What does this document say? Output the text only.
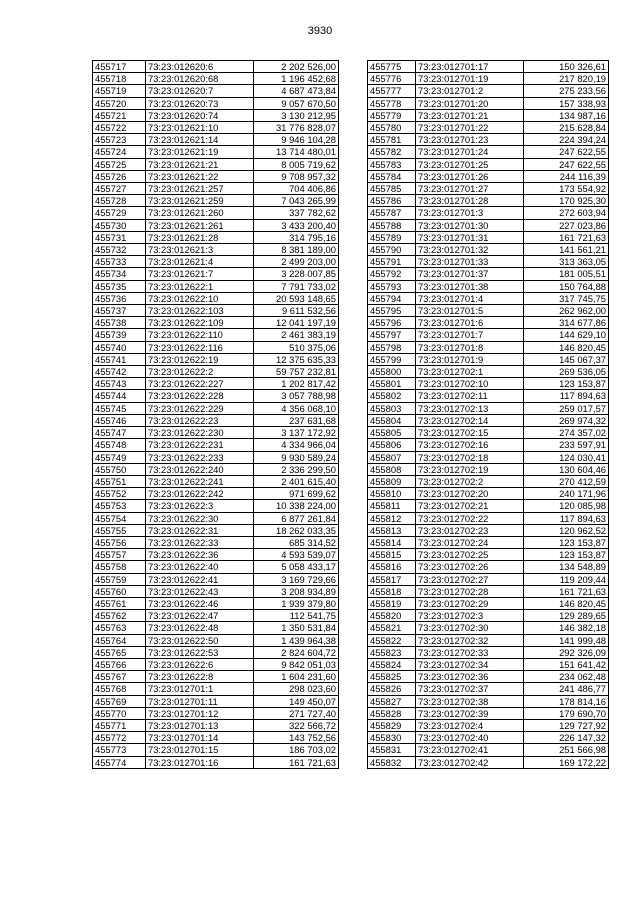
3930
455717	73:23:012620:6	2 202 526,00
455718	73:23:012620:68	1 196 452,68
455719	73:23:012620:7	4 687 473,84
455720	73:23:012620:73	9 057 670,50
455721	73:23:012620:74	3 130 212,95
455722	73:23:012621:10	31 776 828,07
455723	73:23:012621:14	9 946 104,28
455724	73:23:012621:19	13 714 480,01
455725	73:23:012621:21	8 005 719,62
455726	73:23:012621:22	9 708 957,32
455727	73:23:012621:257	704 406,86
455728	73:23:012621:259	7 043 265,99
455729	73:23:012621:260	337 782,62
455730	73:23:012621:261	3 433 200,40
455731	73:23:012621:28	314 795,16
455732	73:23:012621:3	8 381 189,00
455733	73:23:012621:4	2 499 203,00
455734	73:23:012621:7	3 228 007,85
455735	73:23:012622:1	7 791 733,02
455736	73:23:012622:10	20 593 148,65
455737	73:23:012622:103	9 611 532,56
455738	73:23:012622:109	12 041 197,19
455739	73:23:012622:110	2 461 383,19
455740	73:23:012622:116	510 375,06
455741	73:23:012622:19	12 375 635,33
455742	73:23:012622:2	59 757 232,81
455743	73:23:012622:227	1 202 817,42
455744	73:23:012622:228	3 057 788,98
455745	73:23:012622:229	4 356 068,10
455746	73:23:012622:23	237 631,68
455747	73:23:012622:230	3 137 172,92
455748	73:23:012622:231	4 334 966,04
455749	73:23:012622:233	9 930 589,24
455750	73:23:012622:240	2 336 299,50
455751	73:23:012622:241	2 401 615,40
455752	73:23:012622:242	971 699,62
455753	73:23:012622:3	10 338 224,00
455754	73:23:012622:30	6 877 261,84
455755	73:23:012622:31	18 262 033,35
455756	73:23:012622:33	685 314,52
455757	73:23:012622:36	4 593 539,07
455758	73:23:012622:40	5 058 433,17
455759	73:23:012622:41	3 169 729,66
455760	73:23:012622:43	3 208 934,89
455761	73:23:012622:46	1 939 379,80
455762	73:23:012622:47	112 541,75
455763	73:23:012622:48	1 350 531,84
455764	73:23:012622:50	1 439 964,38
455765	73:23:012622:53	2 824 604,72
455766	73:23:012622:6	9 842 051,03
455767	73:23:012622:8	1 604 231,60
455768	73:23:012701:1	298 023,60
455769	73:23:012701:11	149 450,07
455770	73:23:012701:12	271 727,40
455771	73:23:012701:13	322 566,72
455772	73:23:012701:14	143 752,56
455773	73:23:012701:15	186 703,02
455774	73:23:012701:16	161 721,63
455775	73:23:012701:17	150 326,61
455776	73:23:012701:19	217 820,19
455777	73:23:012701:2	275 233,56
455778	73:23:012701:20	157 338,93
455779	73:23:012701:21	134 987,16
455780	73:23:012701:22	215 628,84
455781	73:23:012701:23	224 394,24
455782	73:23:012701:24	247 622,55
455783	73:23:012701:25	247 622,55
455784	73:23:012701:26	244 116,39
455785	73:23:012701:27	173 554,92
455786	73:23:012701:28	170 925,30
455787	73:23:012701:3	272 603,94
455788	73:23:012701:30	227 023,86
455789	73:23:012701:31	161 721,63
455790	73:23:012701:32	141 561,21
455791	73:23:012701:33	313 363,05
455792	73:23:012701:37	181 005,51
455793	73:23:012701:38	150 764,88
455794	73:23:012701:4	317 745,75
455795	73:23:012701:5	262 962,00
455796	73:23:012701:6	314 677,86
455797	73:23:012701:7	144 629,10
455798	73:23:012701:8	146 820,45
455799	73:23:012701:9	145 067,37
455800	73:23:012702:1	269 536,05
455801	73:23:012702:10	123 153,87
455802	73:23:012702:11	117 894,63
455803	73:23:012702:13	259 017,57
455804	73:23:012702:14	269 974,32
455805	73:23:012702:15	274 357,02
455806	73:23:012702:16	233 597,91
455807	73:23:012702:18	124 030,41
455808	73:23:012702:19	130 604,46
455809	73:23:012702:2	270 412,59
455810	73:23:012702:20	240 171,96
455811	73:23:012702:21	120 085,98
455812	73:23:012702:22	117 894,63
455813	73:23:012702:23	120 962,52
455814	73:23:012702:24	123 153,87
455815	73:23:012702:25	123 153,87
455816	73:23:012702:26	134 548,89
455817	73:23:012702:27	119 209,44
455818	73:23:012702:28	161 721,63
455819	73:23:012702:29	146 820,45
455820	73:23:012702:3	129 289,65
455821	73:23:012702:30	146 382,18
455822	73:23:012702:32	141 999,48
455823	73:23:012702:33	292 326,09
455824	73:23:012702:34	151 641,42
455825	73:23:012702:36	234 062,48
455826	73:23:012702:37	241 486,77
455827	73:23:012702:38	178 814,16
455828	73:23:012702:39	179 690,70
455829	73:23:012702:4	129 727,92
455830	73:23:012702:40	226 147,32
455831	73:23:012702:41	251 566,98
455832	73:23:012702:42	169 172,22
